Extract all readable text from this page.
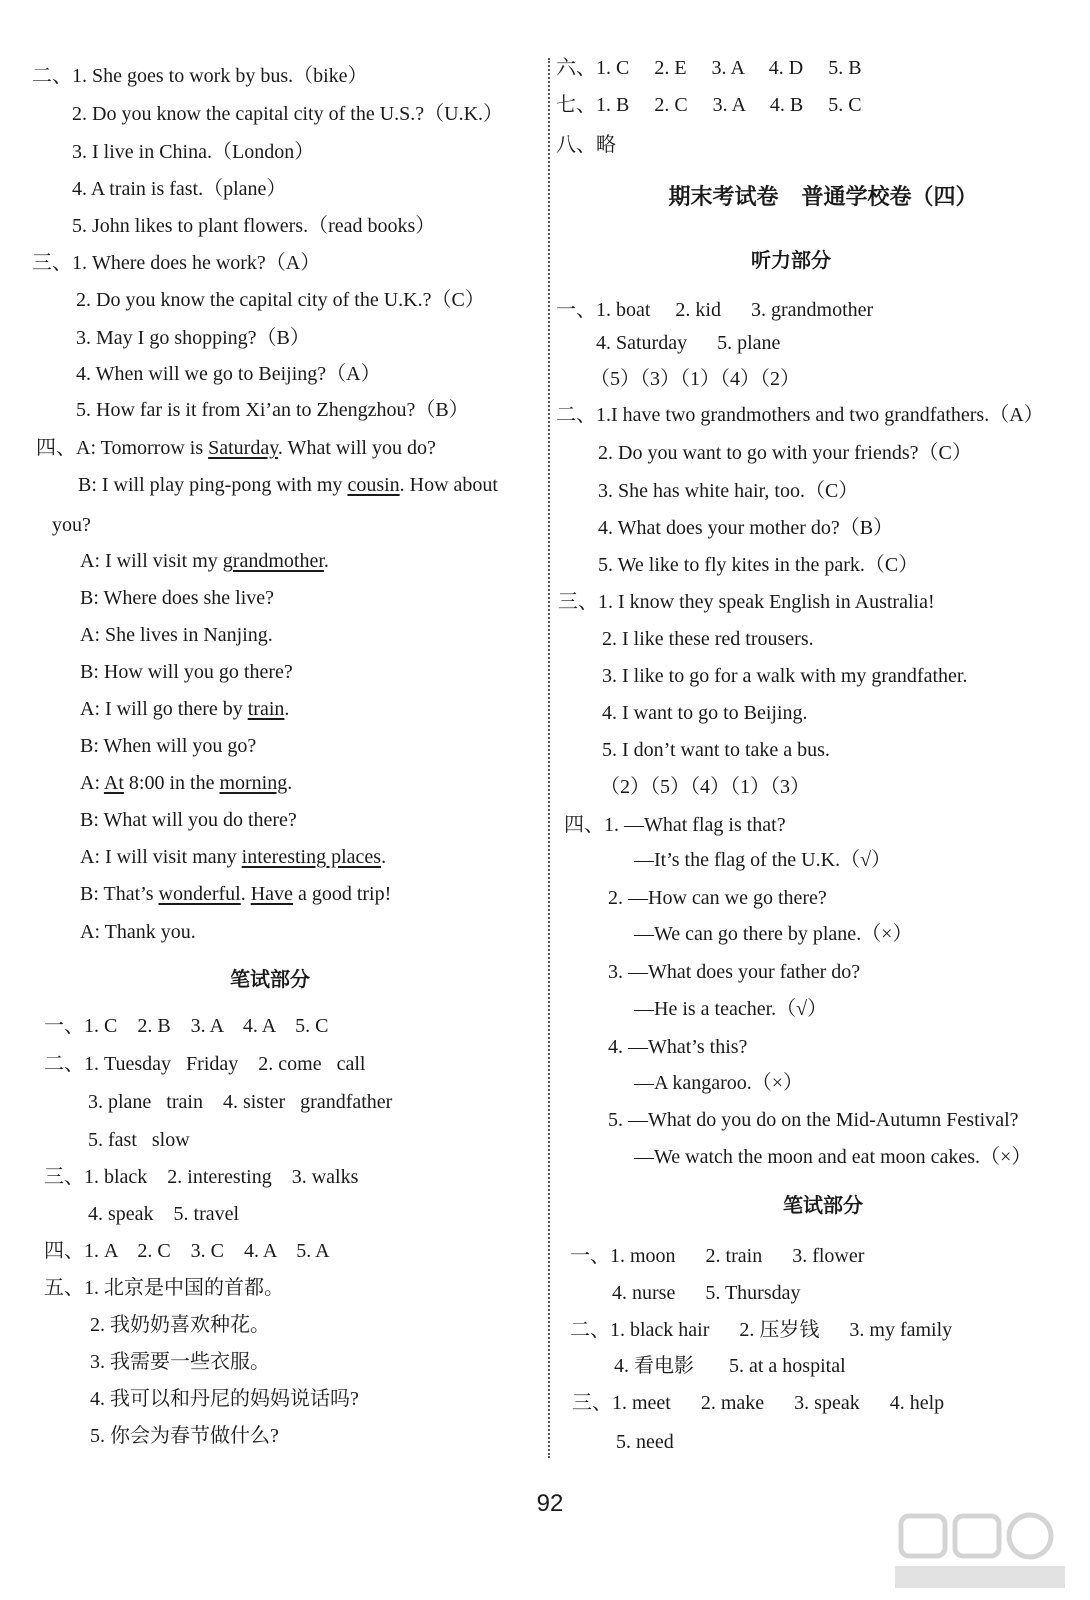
二、1. She goes to work by bus.（bike）
2. Do you know the capital city of the U.S.?（U.K.）
3. I live in China.（London）
4. A train is fast.（plane）
5. John likes to plant flowers.（read books）
三、1. Where does he work?（A）
2. Do you know the capital city of the U.K.?（C）
3. May I go shopping?（B）
4. When will we go to Beijing?（A）
5. How far is it from Xi’an to Zhengzhou?（B）
四、A: Tomorrow is Saturday. What will you do?
B: I will play ping-pong with my cousin. How about
you?
A: I will visit my grandmother.
B: Where does she live?
A: She lives in Nanjing.
B: How will you go there?
A: I will go there by train.
B: When will you go?
A: At 8:00 in the morning.
B: What will you do there?
A: I will visit many interesting places.
B: That’s wonderful. Have a good trip!
A: Thank you.
笔试部分
一、1. C    2. B    3. A    4. A    5. C
二、1. Tuesday   Friday    2. come   call
3. plane   train    4. sister   grandfather
5. fast   slow
三、1. black    2. interesting    3. walks
4. speak    5. travel
四、1. A    2. C    3. C    4. A    5. A
五、1. 北京是中国的首都。
2. 我奶奶喜欢种花。
3. 我需要一些衣服。
4. 我可以和丹尼的妈妈说话吗?
5. 你会为春节做什么?
六、1. C     2. E     3. A     4. D     5. B
七、1. B     2. C     3. A     4. B     5. C
八、略
期末考试卷   普通学校卷（四）
听力部分
一、1. boat     2. kid      3. grandmother
4. Saturday      5. plane
（5）（3）（1）（4）（2）
二、1.I have two grandmothers and two grandfathers.（A）
2. Do you want to go with your friends?（C）
3. She has white hair, too.（C）
4. What does your mother do?（B）
5. We like to fly kites in the park.（C）
三、1. I know they speak English in Australia!
2. I like these red trousers.
3. I like to go for a walk with my grandfather.
4. I want to go to Beijing.
5. I don’t want to take a bus.
（2）（5）（4）（1）（3）
四、1. —What flag is that?
—It’s the flag of the U.K.（√）
2. —How can we go there?
—We can go there by plane.（×）
3. —What does your father do?
—He is a teacher.（√）
4. —What’s this?
—A kangaroo.（×）
5. —What do you do on the Mid-Autumn Festival?
—We watch the moon and eat moon cakes.（×）
笔试部分
一、1. moon      2. train      3. flower
4. nurse      5. Thursday
二、1. black hair      2. 压岁钱      3. my family
4. 看电影       5. at a hospital
三、1. meet      2. make      3. speak      4. help
5. need
92
